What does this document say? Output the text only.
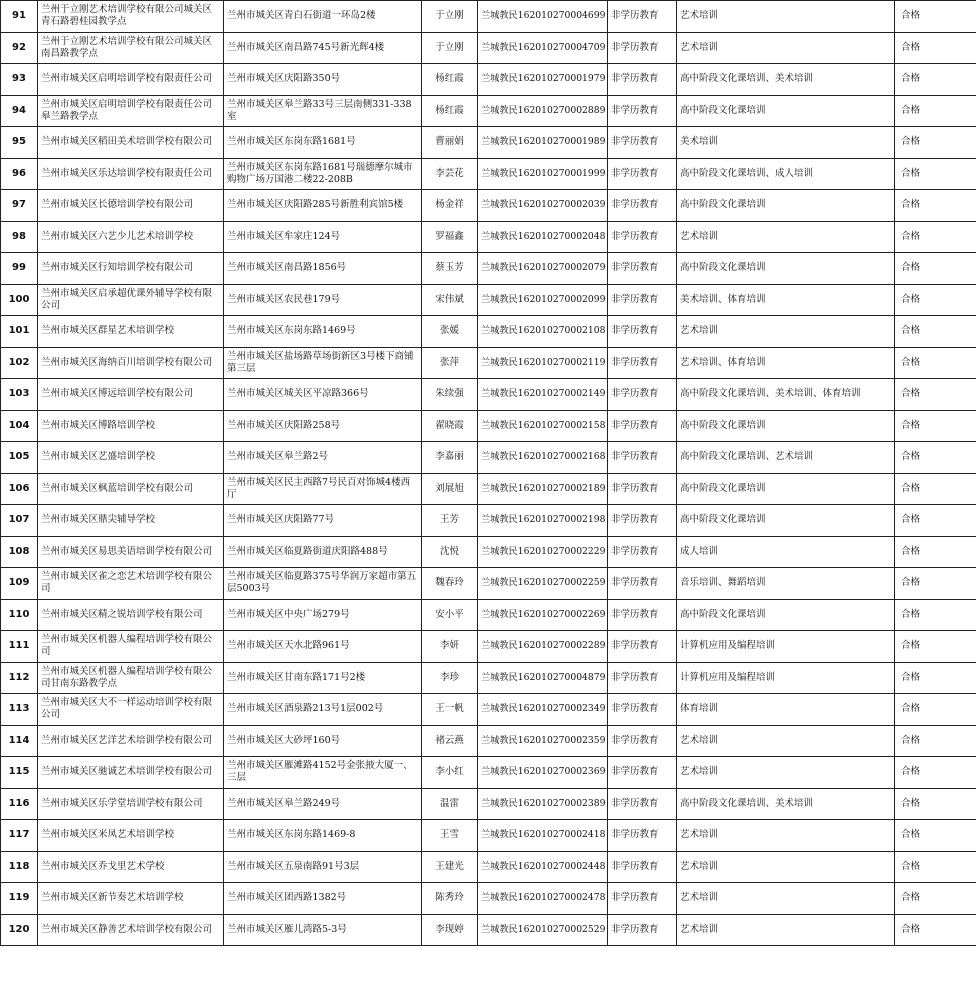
91	兰州于立刚艺术培训学校有限公司城关区青石路碧桂园教学点	兰州市城关区青白石街道一环岛2楼	于立刚	兰城教民162010270004699	非学历教育	艺术培训	合格
92	兰州于立刚艺术培训学校有限公司城关区南昌路教学点	兰州市城关区南昌路745号新光辉4楼	于立刚	兰城教民162010270004709	非学历教育	艺术培训	合格
93	兰州市城关区启明培训学校有限责任公司	兰州市城关区庆阳路350号	杨红霞	兰城教民162010270001979	非学历教育	高中阶段文化课培训、美术培训	合格
94	兰州市城关区启明培训学校有限责任公司皋兰路教学点	兰州市城关区皋兰路33号三层南侧331-338室	杨红霞	兰城教民162010270002889	非学历教育	高中阶段文化课培训	合格
95	兰州市城关区稻田美术培训学校有限公司	兰州市城关区东岗东路1681号	曹丽娟	兰城教民162010270001989	非学历教育	美术培训	合格
96	兰州市城关区乐达培训学校有限责任公司	兰州市城关区东岗东路1681号瑞德摩尔城市购物广场万国港二楼22-208B	李芸花	兰城教民162010270001999	非学历教育	高中阶段文化课培训、成人培训	合格
97	兰州市城关区长德培训学校有限公司	兰州市城关区庆阳路285号新胜利宾馆5楼	杨金祥	兰城教民162010270002039	非学历教育	高中阶段文化课培训	合格
98	兰州市城关区六艺少儿艺术培训学校	兰州市城关区牟家庄124号	罗福鑫	兰城教民162010270002048	非学历教育	艺术培训	合格
99	兰州市城关区行知培训学校有限公司	兰州市城关区南昌路1856号	蔡玉芳	兰城教民162010270002079	非学历教育	高中阶段文化课培训	合格
100	兰州市城关区启承超优课外辅导学校有限公司	兰州市城关区农民巷179号	宋伟斌	兰城教民162010270002099	非学历教育	美术培训、体育培训	合格
101	兰州市城关区群星艺术培训学校	兰州市城关区东岗东路1469号	张媛	兰城教民162010270002108	非学历教育	艺术培训	合格
102	兰州市城关区海纳百川培训学校有限公司	兰州市城关区盐场路草场街新区3号楼下商铺第三层	张萍	兰城教民162010270002119	非学历教育	艺术培训、体育培训	合格
103	兰州市城关区博远培训学校有限公司	兰州市城关区城关区平凉路366号	朱续强	兰城教民162010270002149	非学历教育	高中阶段文化课培训、美术培训、体育培训	合格
104	兰州市城关区博路培训学校	兰州市城关区庆阳路258号	翟晓霞	兰城教民162010270002158	非学历教育	高中阶段文化课培训	合格
105	兰州市城关区艺盛培训学校	兰州市城关区皋兰路2号	李嘉丽	兰城教民162010270002168	非学历教育	高中阶段文化课培训、艺术培训	合格
106	兰州市城关区枫蓝培训学校有限公司	兰州市城关区民主西路7号民百对饰城4楼西厅	刘展旭	兰城教民162010270002189	非学历教育	高中阶段文化课培训	合格
107	兰州市城关区鼎尖辅导学校	兰州市城关区庆阳路77号	王芳	兰城教民162010270002198	非学历教育	高中阶段文化课培训	合格
108	兰州市城关区易思美语培训学校有限公司	兰州市城关区临夏路街道庆阳路488号	沈悦	兰城教民162010270002229	非学历教育	成人培训	合格
109	兰州市城关区雀之恋艺术培训学校有限公司	兰州市城关区临夏路375号华润万家超市第五层5003号	魏春玲	兰城教民162010270002259	非学历教育	音乐培训、舞蹈培训	合格
110	兰州市城关区精之锐培训学校有限公司	兰州市城关区中央广场279号	安小平	兰城教民162010270002269	非学历教育	高中阶段文化课培训	合格
111	兰州市城关区机器人编程培训学校有限公司	兰州市城关区天水北路961号	李妍	兰城教民162010270002289	非学历教育	计算机应用及编程培训	合格
112	兰州市城关区机器人编程培训学校有限公司甘南东路教学点	兰州市城关区甘南东路171号2楼	李珍	兰城教民162010270004879	非学历教育	计算机应用及编程培训	合格
113	兰州市城关区大不一样运动培训学校有限公司	兰州市城关区酒泉路213号1层002号	王一帆	兰城教民162010270002349	非学历教育	体育培训	合格
114	兰州市城关区艺洋艺术培训学校有限公司	兰州市城关区大砂坪160号	褚云燕	兰城教民162010270002359	非学历教育	艺术培训	合格
115	兰州市城关区驰诚艺术培训学校有限公司	兰州市城关区雁滩路4152号金张掖大厦一、三层	李小红	兰城教民162010270002369	非学历教育	艺术培训	合格
116	兰州市城关区乐学堂培训学校有限公司	兰州市城关区皋兰路249号	温雷	兰城教民162010270002389	非学历教育	高中阶段文化课培训、美术培训	合格
117	兰州市城关区米凤艺术培训学校	兰州市城关区东岗东路1469-8	王雪	兰城教民162010270002418	非学历教育	艺术培训	合格
118	兰州市城关区乔戈里艺术学校	兰州市城关区五泉南路91号3层	王建光	兰城教民162010270002448	非学历教育	艺术培训	合格
119	兰州市城关区新节奏艺术培训学校	兰州市城关区团西路1382号	陈秀玲	兰城教民162010270002478	非学历教育	艺术培训	合格
120	兰州市城关区静善艺术培训学校有限公司	兰州市城关区雁儿湾路5-3号	李现婷	兰城教民162010270002529	非学历教育	艺术培训	合格
